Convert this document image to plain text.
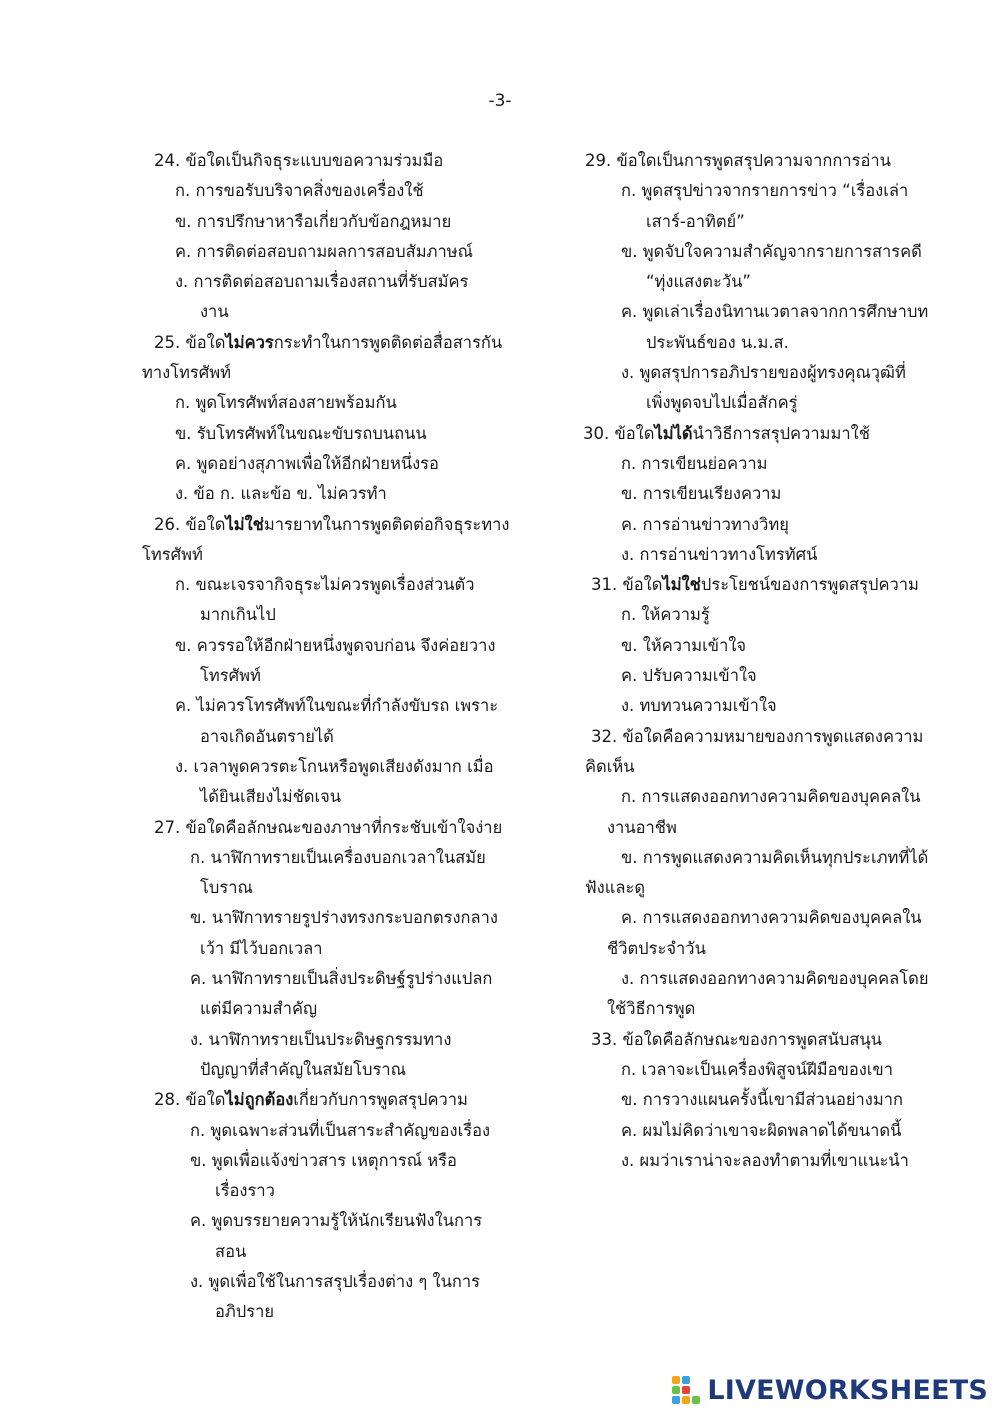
-3-
24. ข้อใดเป็นกิจธุระแบบขอความร่วมมือ
ก. การขอรับบริจาคสิ่งของเครื่องใช้
ข. การปรึกษาหารือเกี่ยวกับข้อกฎหมาย
ค. การติดต่อสอบถามผลการสอบสัมภาษณ์
ง. การติดต่อสอบถามเรื่องสถานที่รับสมัคร
งาน
25. ข้อใดไม่ควรกระทำในการพูดติดต่อสื่อสารกัน
ทางโทรศัพท์
ก. พูดโทรศัพท์สองสายพร้อมกัน
ข. รับโทรศัพท์ในขณะขับรถบนถนน
ค. พูดอย่างสุภาพเพื่อให้อีกฝ่ายหนึ่งรอ
ง. ข้อ ก. และข้อ ข. ไม่ควรทำ
26. ข้อใดไม่ใช่มารยาทในการพูดติดต่อกิจธุระทาง
โทรศัพท์
ก. ขณะเจรจากิจธุระไม่ควรพูดเรื่องส่วนตัว
มากเกินไป
ข. ควรรอให้อีกฝ่ายหนึ่งพูดจบก่อน จึงค่อยวาง
โทรศัพท์
ค. ไม่ควรโทรศัพท์ในขณะที่กำลังขับรถ เพราะ
อาจเกิดอันตรายได้
ง. เวลาพูดควรตะโกนหรือพูดเสียงดังมาก เมื่อ
ได้ยินเสียงไม่ชัดเจน
27. ข้อใดคือลักษณะของภาษาที่กระชับเข้าใจง่าย
ก. นาฬิกาทรายเป็นเครื่องบอกเวลาในสมัย
โบราณ
ข. นาฬิกาทรายรูปร่างทรงกระบอกตรงกลาง
เว้า มีไว้บอกเวลา
ค. นาฬิกาทรายเป็นสิ่งประดิษฐ์รูปร่างแปลก
แต่มีความสำคัญ
ง. นาฬิกาทรายเป็นประดิษฐกรรมทาง
ปัญญาที่สำคัญในสมัยโบราณ
28. ข้อใดไม่ถูกต้องเกี่ยวกับการพูดสรุปความ
ก. พูดเฉพาะส่วนที่เป็นสาระสำคัญของเรื่อง
ข. พูดเพื่อแจ้งข่าวสาร เหตุการณ์ หรือ
เรื่องราว
ค. พูดบรรยายความรู้ให้นักเรียนฟังในการ
สอน
ง. พูดเพื่อใช้ในการสรุปเรื่องต่าง ๆ ในการ
อภิปราย
29. ข้อใดเป็นการพูดสรุปความจากการอ่าน
ก. พูดสรุปข่าวจากรายการข่าว “เรื่องเล่า
เสาร์-อาทิตย์”
ข. พูดจับใจความสำคัญจากรายการสารคดี
“ทุ่งแสงตะวัน”
ค. พูดเล่าเรื่องนิทานเวตาลจากการศึกษาบท
ประพันธ์ของ น.ม.ส.
ง. พูดสรุปการอภิปรายของผู้ทรงคุณวุฒิที่
เพิ่งพูดจบไปเมื่อสักครู่
30. ข้อใดไม่ได้นำวิธีการสรุปความมาใช้
ก. การเขียนย่อความ
ข. การเขียนเรียงความ
ค. การอ่านข่าวทางวิทยุ
ง. การอ่านข่าวทางโทรทัศน์
31. ข้อใดไม่ใช่ประโยชน์ของการพูดสรุปความ
ก. ให้ความรู้
ข. ให้ความเข้าใจ
ค. ปรับความเข้าใจ
ง. ทบทวนความเข้าใจ
32. ข้อใดคือความหมายของการพูดแสดงความ
คิดเห็น
ก. การแสดงออกทางความคิดของบุคคลใน
งานอาชีพ
ข. การพูดแสดงความคิดเห็นทุกประเภทที่ได้
ฟังและดู
ค. การแสดงออกทางความคิดของบุคคลใน
ชีวิตประจำวัน
ง. การแสดงออกทางความคิดของบุคคลโดย
ใช้วิธีการพูด
33. ข้อใดคือลักษณะของการพูดสนับสนุน
ก. เวลาจะเป็นเครื่องพิสูจน์ฝีมือของเขา
ข. การวางแผนครั้งนี้เขามีส่วนอย่างมาก
ค. ผมไม่คิดว่าเขาจะผิดพลาดได้ขนาดนี้
ง. ผมว่าเราน่าจะลองทำตามที่เขาแนะนำ
LIVEWORKSHEETS
